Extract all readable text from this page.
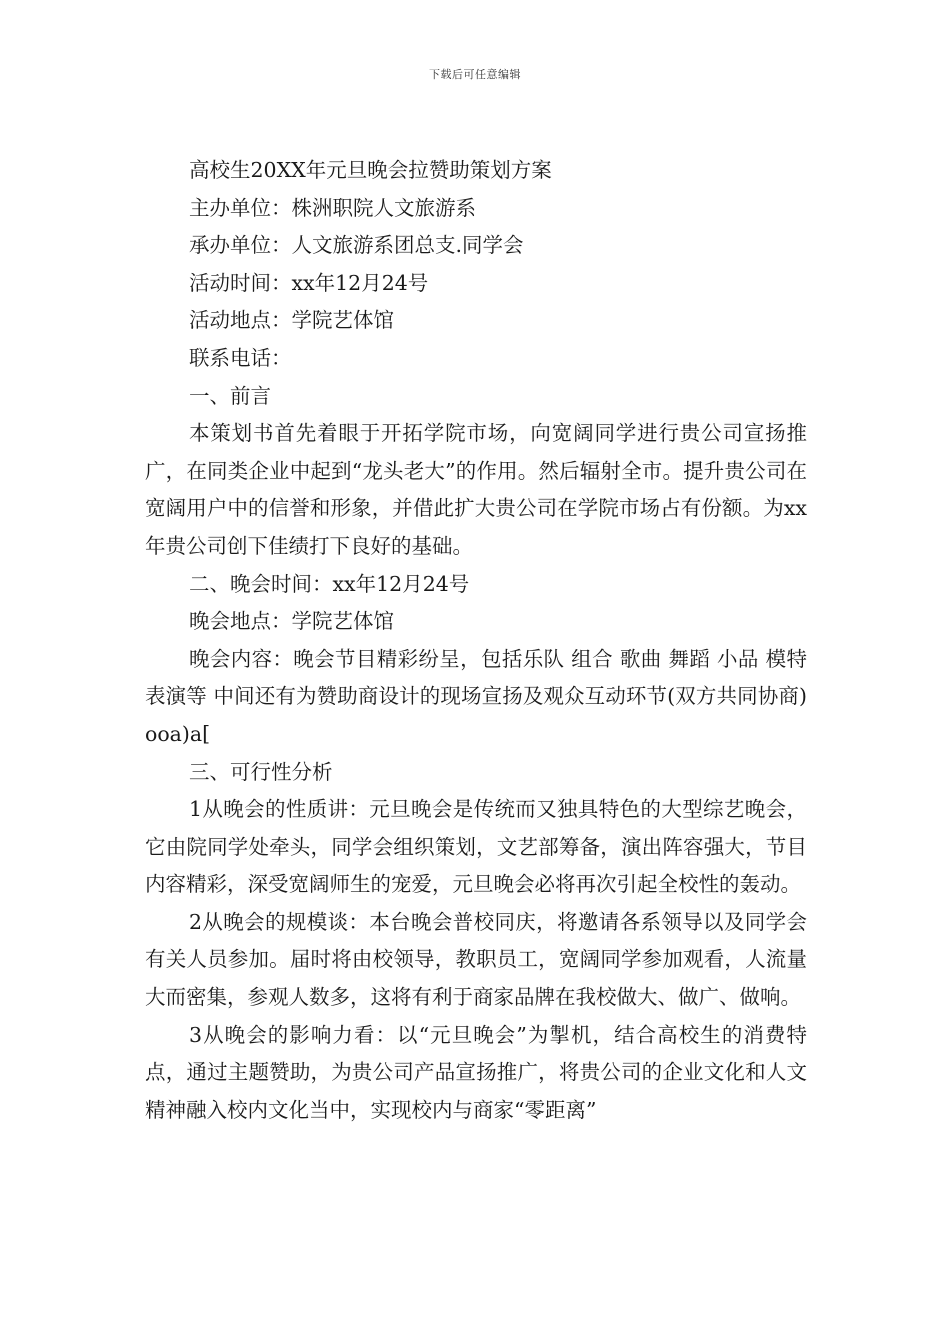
下载后可任意编辑

高校生20XX年元旦晚会拉赞助策划方案

主办单位：株洲职院人文旅游系

承办单位：人文旅游系团总支.同学会

活动时间：xx年12月24号

活动地点：学院艺体馆

联系电话：

一、前言

本策划书首先着眼于开拓学院市场，向宽阔同学进行贵公司宣扬推广，在同类企业中起到“龙头老大”的作用。然后辐射全市。提升贵公司在宽阔用户中的信誉和形象，并借此扩大贵公司在学院市场占有份额。为xx年贵公司创下佳绩打下良好的基础。

二、晚会时间：xx年12月24号

晚会地点：学院艺体馆

晚会内容：晚会节目精彩纷呈，包括乐队 组合 歌曲 舞蹈 小品 模特表演等 中间还有为赞助商设计的现场宣扬及观众互动环节(双方共同协商)ooa)a[

三、可行性分析

1从晚会的性质讲：元旦晚会是传统而又独具特色的大型综艺晚会，它由院同学处牵头，同学会组织策划，文艺部筹备，演出阵容强大，节目内容精彩，深受宽阔师生的宠爱，元旦晚会必将再次引起全校性的轰动。

2从晚会的规模谈：本台晚会普校同庆，将邀请各系领导以及同学会有关人员参加。届时将由校领导，教职员工，宽阔同学参加观看，人流量大而密集，参观人数多，这将有利于商家品牌在我校做大、做广、做响。

3从晚会的影响力看：以“元旦晚会”为掣机，结合高校生的消费特点，通过主题赞助，为贵公司产品宣扬推广，将贵公司的企业文化和人文精神融入校内文化当中，实现校内与商家“零距离”
